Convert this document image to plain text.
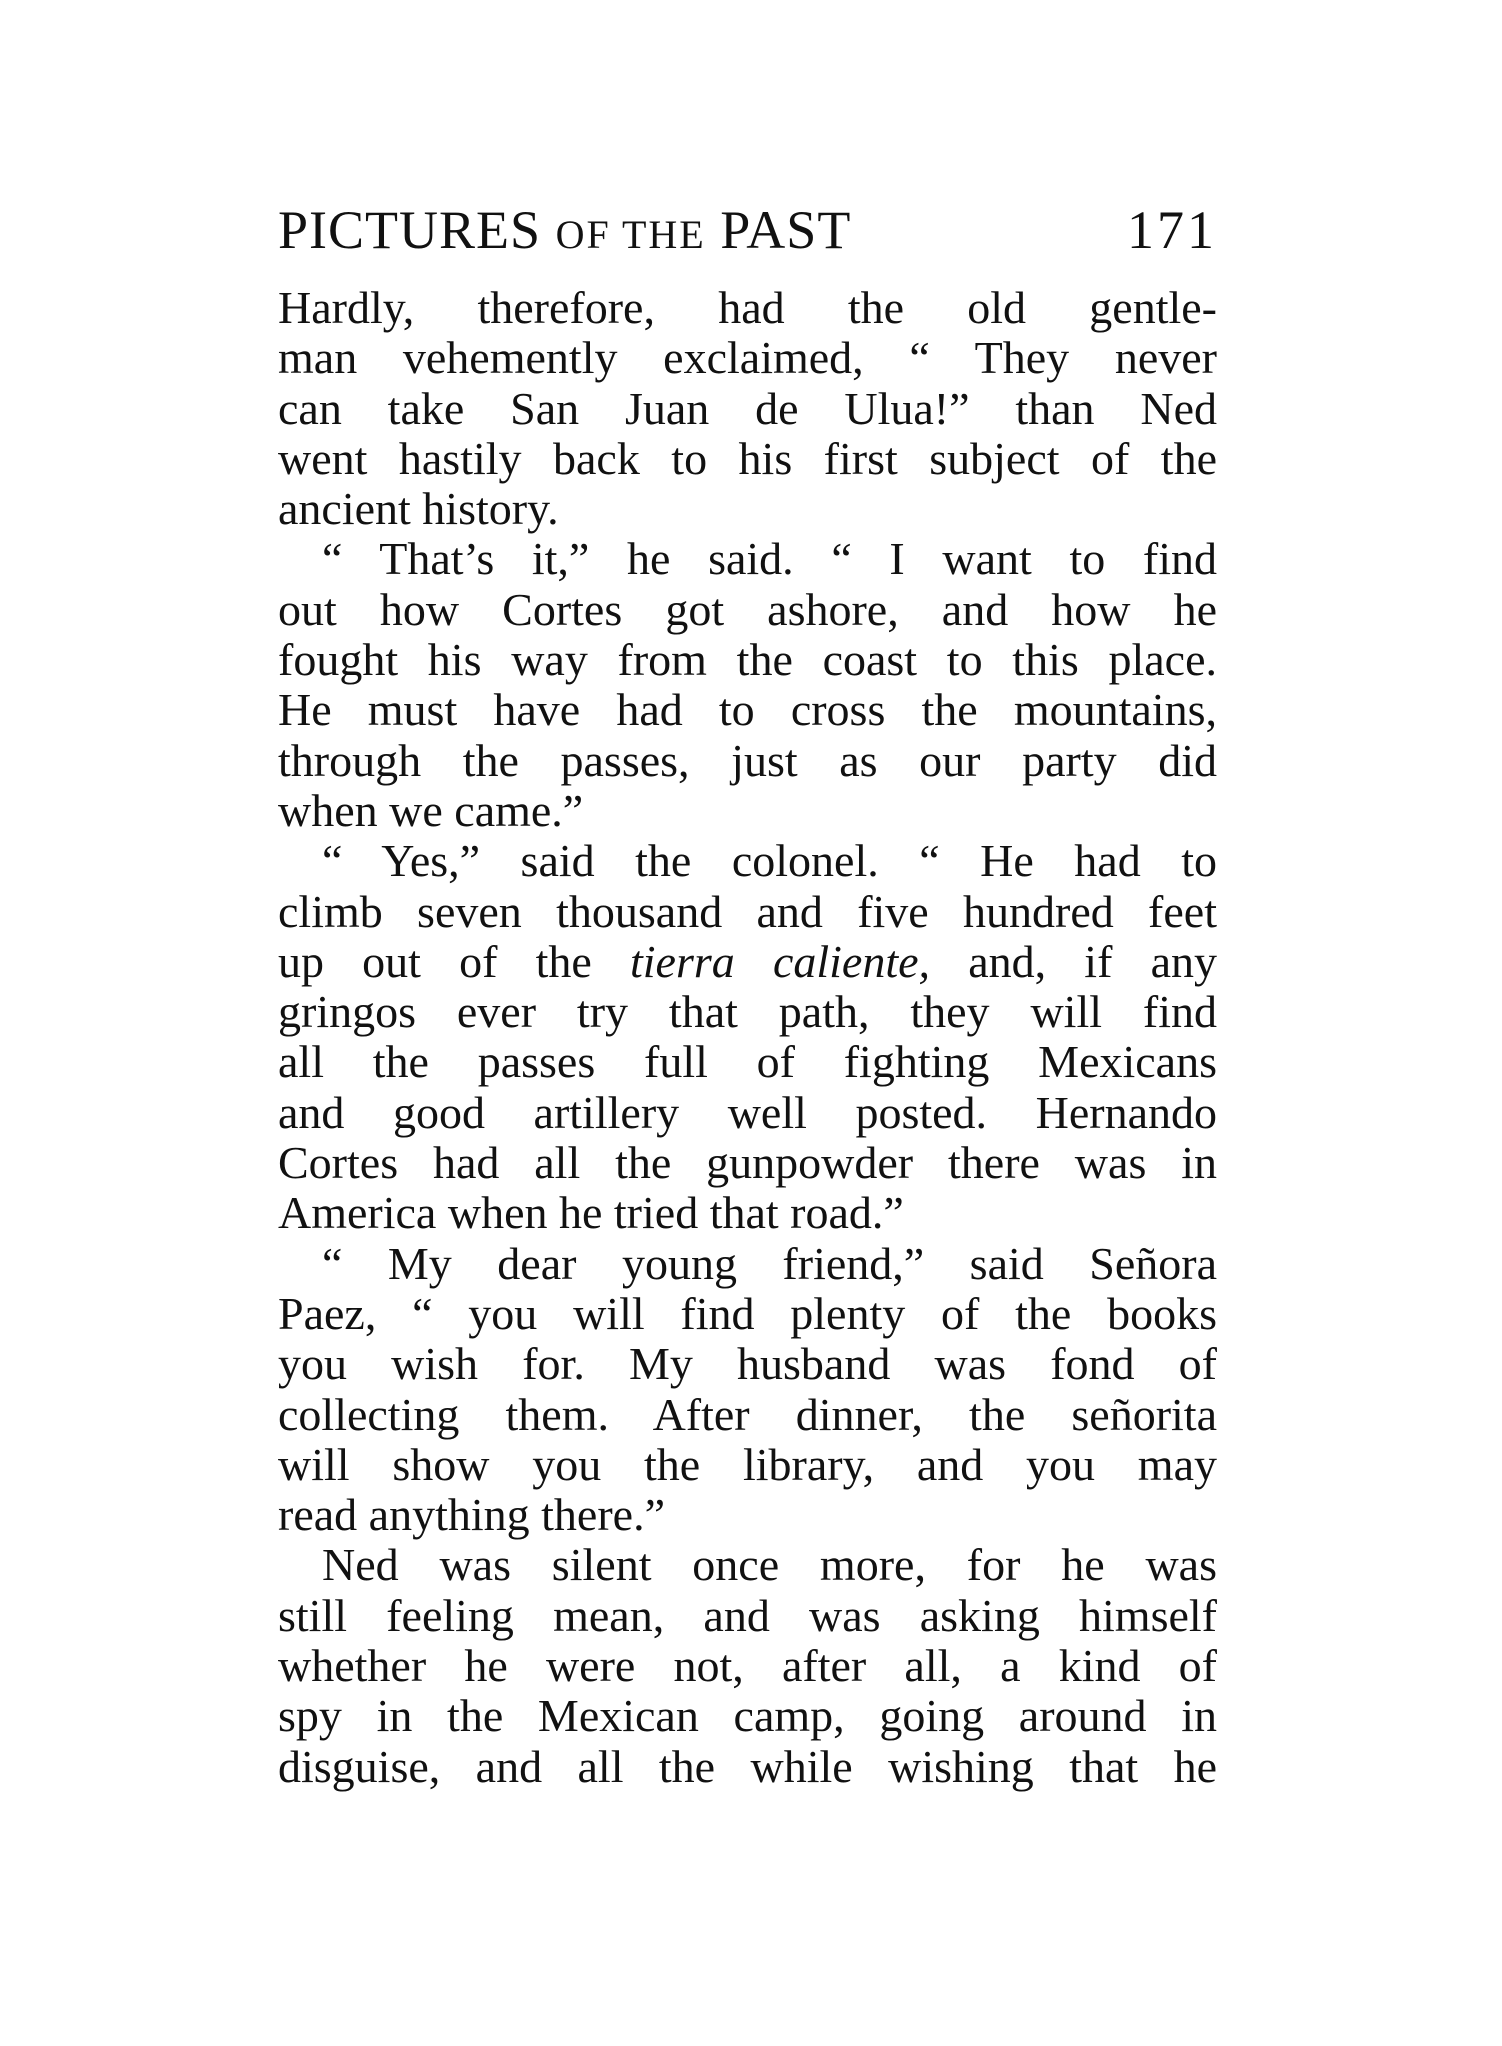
PICTURES OF THE PAST	171
Hardly, therefore, had the old gentle-
man vehemently exclaimed, “ They never
can take San Juan de Ulua!” than Ned
went hastily back to his first subject of the
ancient history.
“ That’s it,” he said. “ I want to find
out how Cortes got ashore, and how he
fought his way from the coast to this place.
He must have had to cross the mountains,
through the passes, just as our party did
when we came.”
“ Yes,” said the colonel. “ He had to
climb seven thousand and five hundred feet
up out of the tierra caliente, and, if any
gringos ever try that path, they will find
all the passes full of fighting Mexicans
and good artillery well posted. Hernando
Cortes had all the gunpowder there was in
America when he tried that road.”
“ My dear young friend,” said Señora
Paez, “ you will find plenty of the books
you wish for. My husband was fond of
collecting them. After dinner, the señorita
will show you the library, and you may
read anything there.”
Ned was silent once more, for he was
still feeling mean, and was asking himself
whether he were not, after all, a kind of
spy in the Mexican camp, going around in
disguise, and all the while wishing that he
